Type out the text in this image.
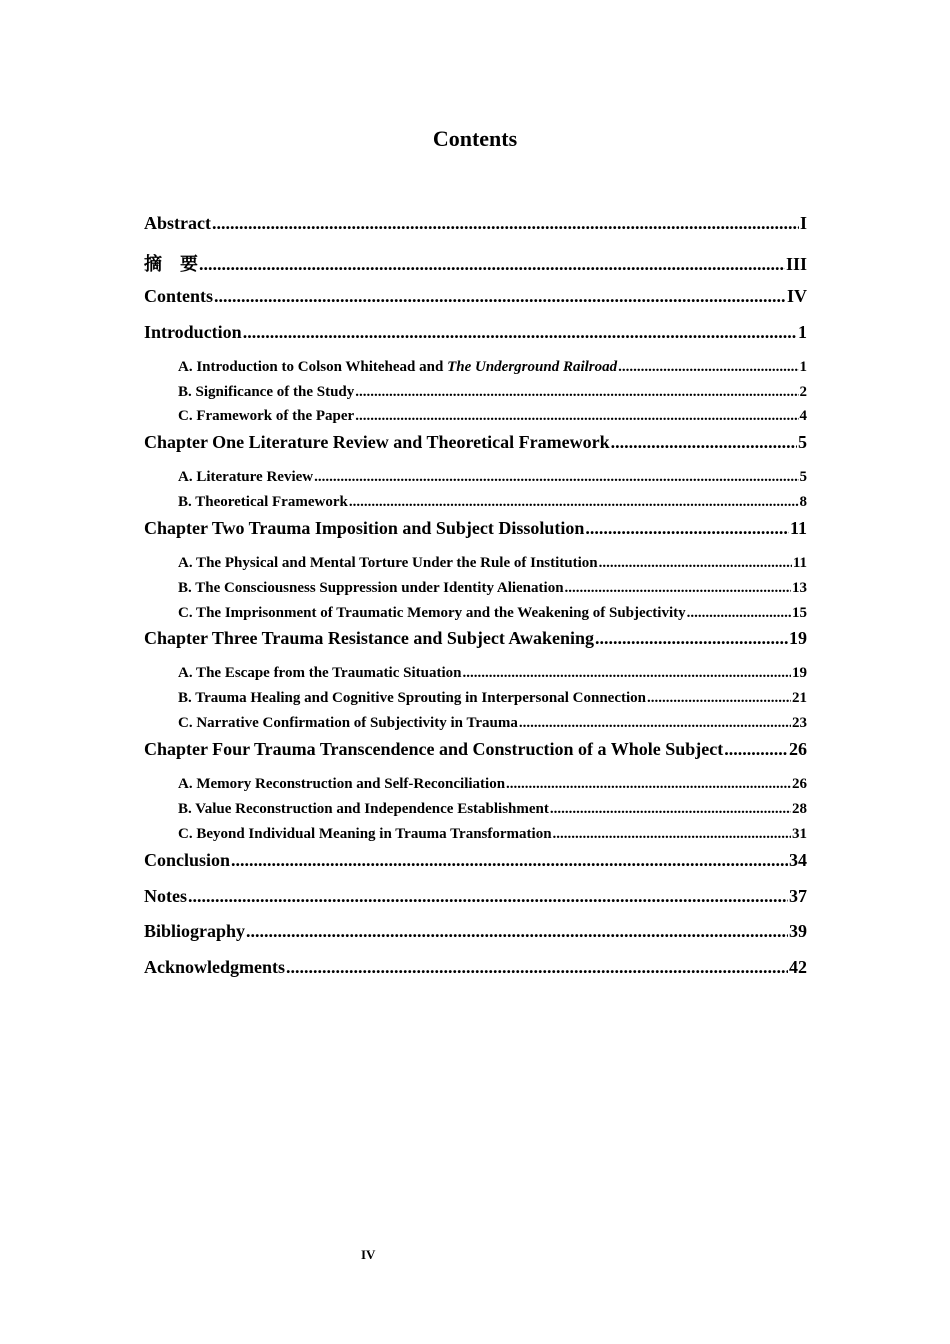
Contents
Abstract .....	I
摘　要 .....	III
Contents .....	IV
Introduction .....	1
A. Introduction to Colson Whitehead and The Underground Railroad .....	1
B. Significance of the Study .....	2
C. Framework of the Paper .....	4
Chapter One Literature Review and Theoretical Framework .....	5
A. Literature Review .....	5
B. Theoretical Framework .....	8
Chapter Two Trauma Imposition and Subject Dissolution .....	11
A. The Physical and Mental Torture Under the Rule of Institution .....	11
B. The Consciousness Suppression under Identity Alienation .....	13
C. The Imprisonment of Traumatic Memory and the Weakening of Subjectivity .....	15
Chapter Three Trauma Resistance and Subject Awakening .....	19
A. The Escape from the Traumatic Situation .....	19
B. Trauma Healing and Cognitive Sprouting in Interpersonal Connection .....	21
C. Narrative Confirmation of Subjectivity in Trauma .....	23
Chapter Four Trauma Transcendence and Construction of a Whole Subject .....	26
A. Memory Reconstruction and Self-Reconciliation .....	26
B. Value Reconstruction and Independence Establishment .....	28
C. Beyond Individual Meaning in Trauma Transformation .....	31
Conclusion .....	34
Notes .....	37
Bibliography .....	39
Acknowledgments .....	42
IV
